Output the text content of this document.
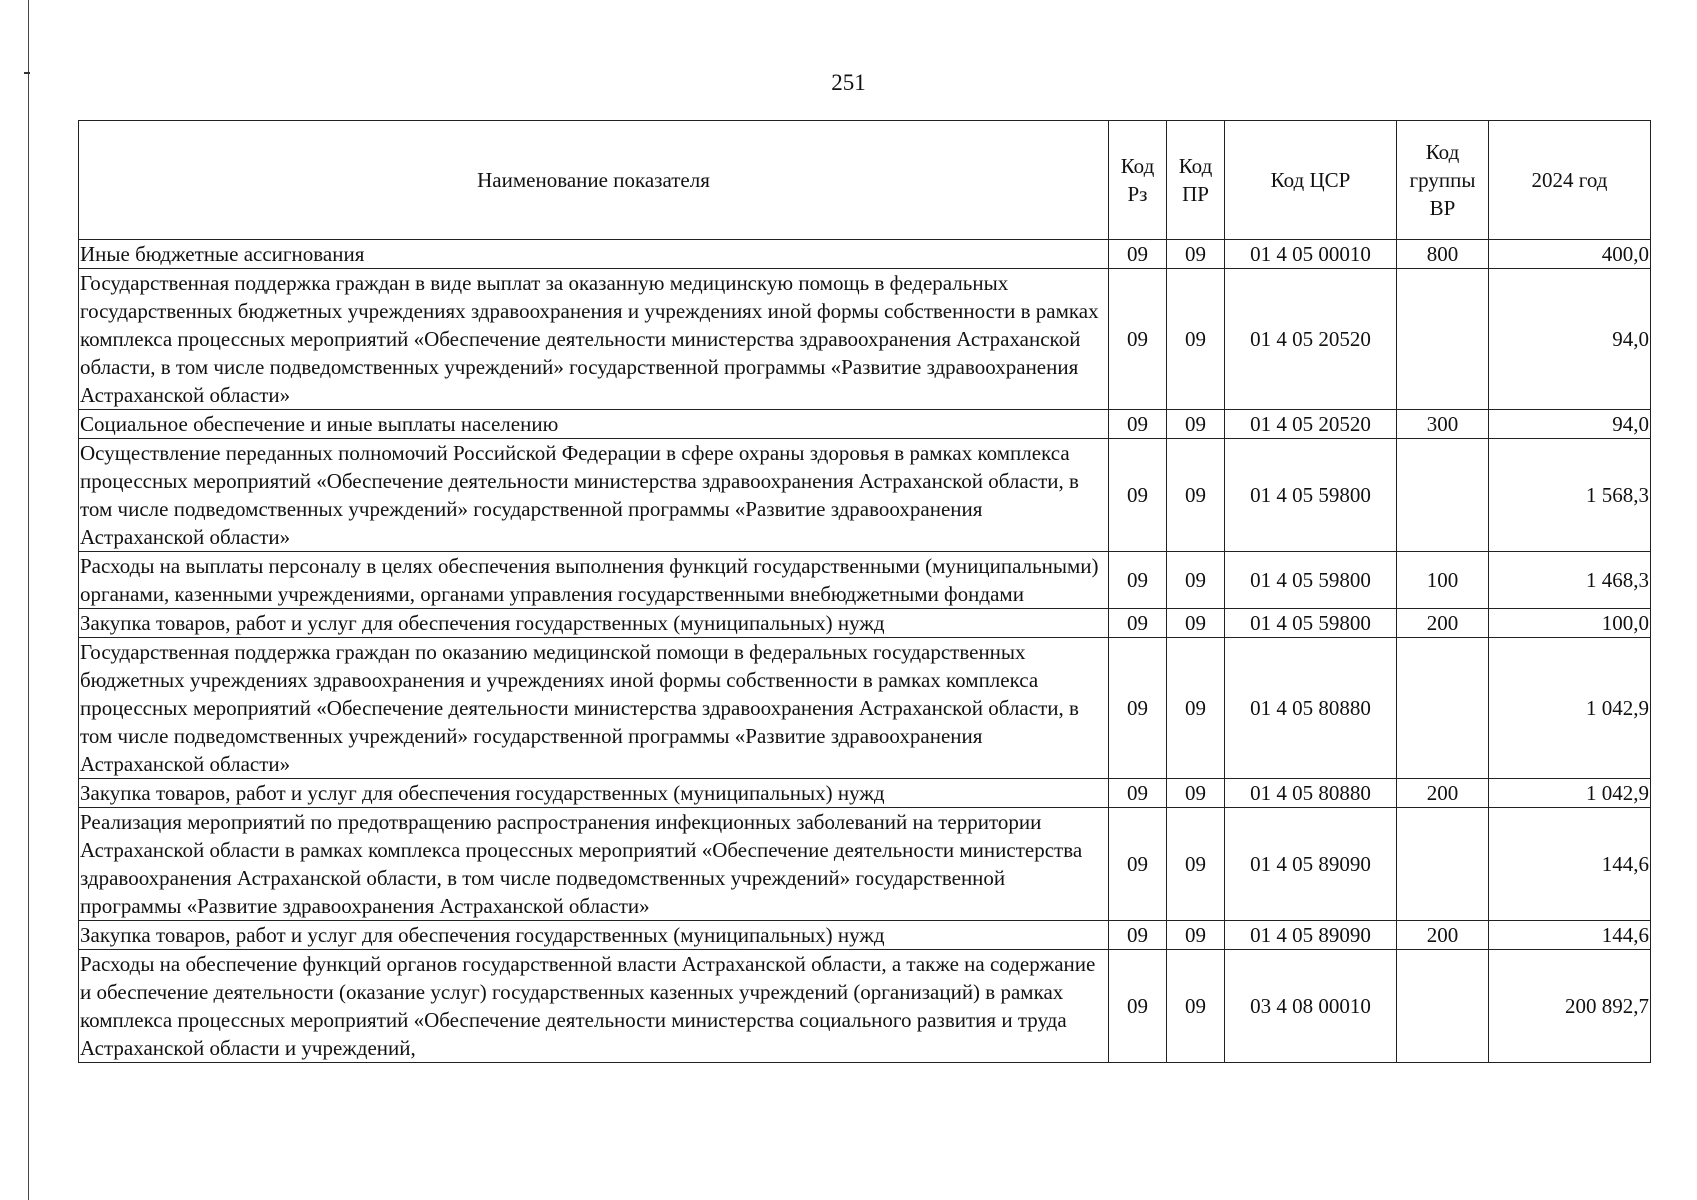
251
Наименование показателя	Код Рз	Код ПР	Код ЦСР	Код группы ВР	2024 год
Иные бюджетные ассигнования	09	09	01 4 05 00010	800	400,0
Государственная поддержка граждан в виде выплат за оказанную медицинскую помощь в федеральных государственных бюджетных учреждениях здравоохранения и учреждениях иной формы собственности в рамках комплекса процессных мероприятий «Обеспечение деятельности министерства здравоохранения Астраханской области, в том числе подведомственных учреждений» государственной программы «Развитие здравоохранения Астраханской области»	09	09	01 4 05 20520		94,0
Социальное обеспечение и иные выплаты населению	09	09	01 4 05 20520	300	94,0
Осуществление переданных полномочий Российской Федерации в сфере охраны здоровья в рамках комплекса процессных мероприятий «Обеспечение деятельности министерства здравоохранения Астраханской области, в том числе подведомственных учреждений» государственной программы «Развитие здравоохранения Астраханской области»	09	09	01 4 05 59800		1 568,3
Расходы на выплаты персоналу в целях обеспечения выполнения функций государственными (муниципальными) органами, казенными учреждениями, органами управления государственными внебюджетными фондами	09	09	01 4 05 59800	100	1 468,3
Закупка товаров, работ и услуг для обеспечения государственных (муниципальных) нужд	09	09	01 4 05 59800	200	100,0
Государственная поддержка граждан по оказанию медицинской помощи в федеральных государственных бюджетных учреждениях здравоохранения и учреждениях иной формы собственности в рамках комплекса процессных мероприятий «Обеспечение деятельности министерства здравоохранения Астраханской области, в том числе подведомственных учреждений» государственной программы «Развитие здравоохранения Астраханской области»	09	09	01 4 05 80880		1 042,9
Закупка товаров, работ и услуг для обеспечения государственных (муниципальных) нужд	09	09	01 4 05 80880	200	1 042,9
Реализация мероприятий по предотвращению распространения инфекционных заболеваний на территории Астраханской области в рамках комплекса процессных мероприятий «Обеспечение деятельности министерства здравоохранения Астраханской области, в том числе подведомственных учреждений» государственной программы «Развитие здравоохранения Астраханской области»	09	09	01 4 05 89090		144,6
Закупка товаров, работ и услуг для обеспечения государственных (муниципальных) нужд	09	09	01 4 05 89090	200	144,6
Расходы на обеспечение функций органов государственной власти Астраханской области, а также на содержание и обеспечение деятельности (оказание услуг) государственных казенных учреждений (организаций) в рамках комплекса процессных мероприятий «Обеспечение деятельности министерства социального развития и труда Астраханской области и учреждений,	09	09	03 4 08 00010		200 892,7
